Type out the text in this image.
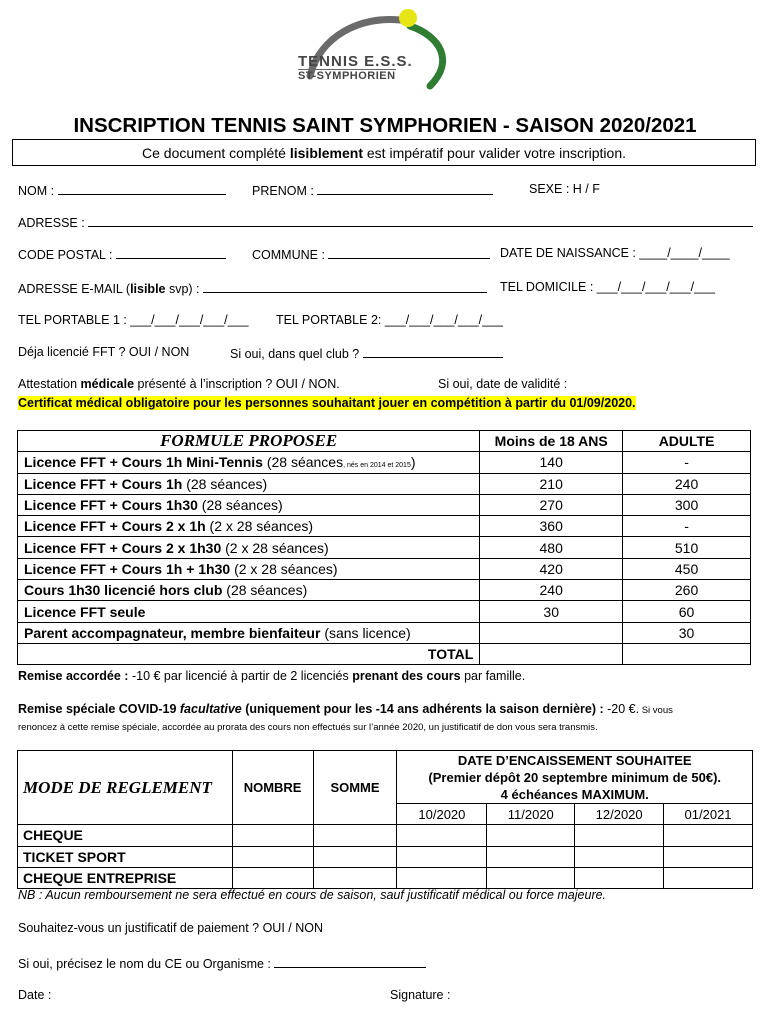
TENNIS E.S.S.
ST-SYMPHORIEN
INSCRIPTION TENNIS SAINT SYMPHORIEN - SAISON 2020/2021
Ce document complété lisiblement est impératif pour valider votre inscription.
NOM :	PRENOM :	SEXE : H / F
ADRESSE :
CODE POSTAL :	COMMUNE :	DATE DE NAISSANCE : ____/____/____
ADRESSE E-MAIL (lisible svp) :	TEL DOMICILE : ___/___/___/___/___
TEL PORTABLE 1 : ___/___/___/___/___ TEL PORTABLE 2: ___/___/___/___/___
Déja licencié FFT ? OUI / NON	Si oui, dans quel club ?
Attestation médicale présenté à l’inscription ? OUI / NON.	Si oui, date de validité :
Certificat médical obligatoire pour les personnes souhaitant jouer en compétition à partir du 01/09/2020.
FORMULE PROPOSEE	Moins de 18 ANS	ADULTE
Licence FFT + Cours 1h Mini-Tennis (28 séances, nés en 2014 et 2015)	140	-
Licence FFT + Cours 1h (28 séances)	210	240
Licence FFT + Cours 1h30 (28 séances)	270	300
Licence FFT + Cours 2 x 1h (2 x 28 séances)	360	-
Licence FFT + Cours 2 x 1h30 (2 x 28 séances)	480	510
Licence FFT + Cours 1h + 1h30 (2 x 28 séances)	420	450
Cours 1h30 licencié hors club (28 séances)	240	260
Licence FFT seule	30	60
Parent accompagnateur, membre bienfaiteur (sans licence)		30
TOTAL		
Remise accordée : -10 € par licencié à partir de 2 licenciés prenant des cours par famille.
Remise spéciale COVID-19 facultative (uniquement pour les -14 ans adhérents la saison dernière) : -20 €. Si vous
renoncez à cette remise spéciale, accordée au prorata des cours non effectués sur l’année 2020, un justificatif de don vous sera transmis.
MODE DE REGLEMENT	NOMBRE	SOMME	DATE D’ENCAISSEMENT SOUHAITEE
(Premier dépôt 20 septembre minimum de 50€).
4 échéances MAXIMUM.			

			10/2020	11/2020	12/2020	01/2021
CHEQUE						
TICKET SPORT						
CHEQUE ENTREPRISE						
NB : Aucun remboursement ne sera effectué en cours de saison, sauf justificatif médical ou force majeure.
Souhaitez-vous un justificatif de paiement ? OUI / NON
Si oui, précisez le nom du CE ou Organisme :
Date :	Signature :
